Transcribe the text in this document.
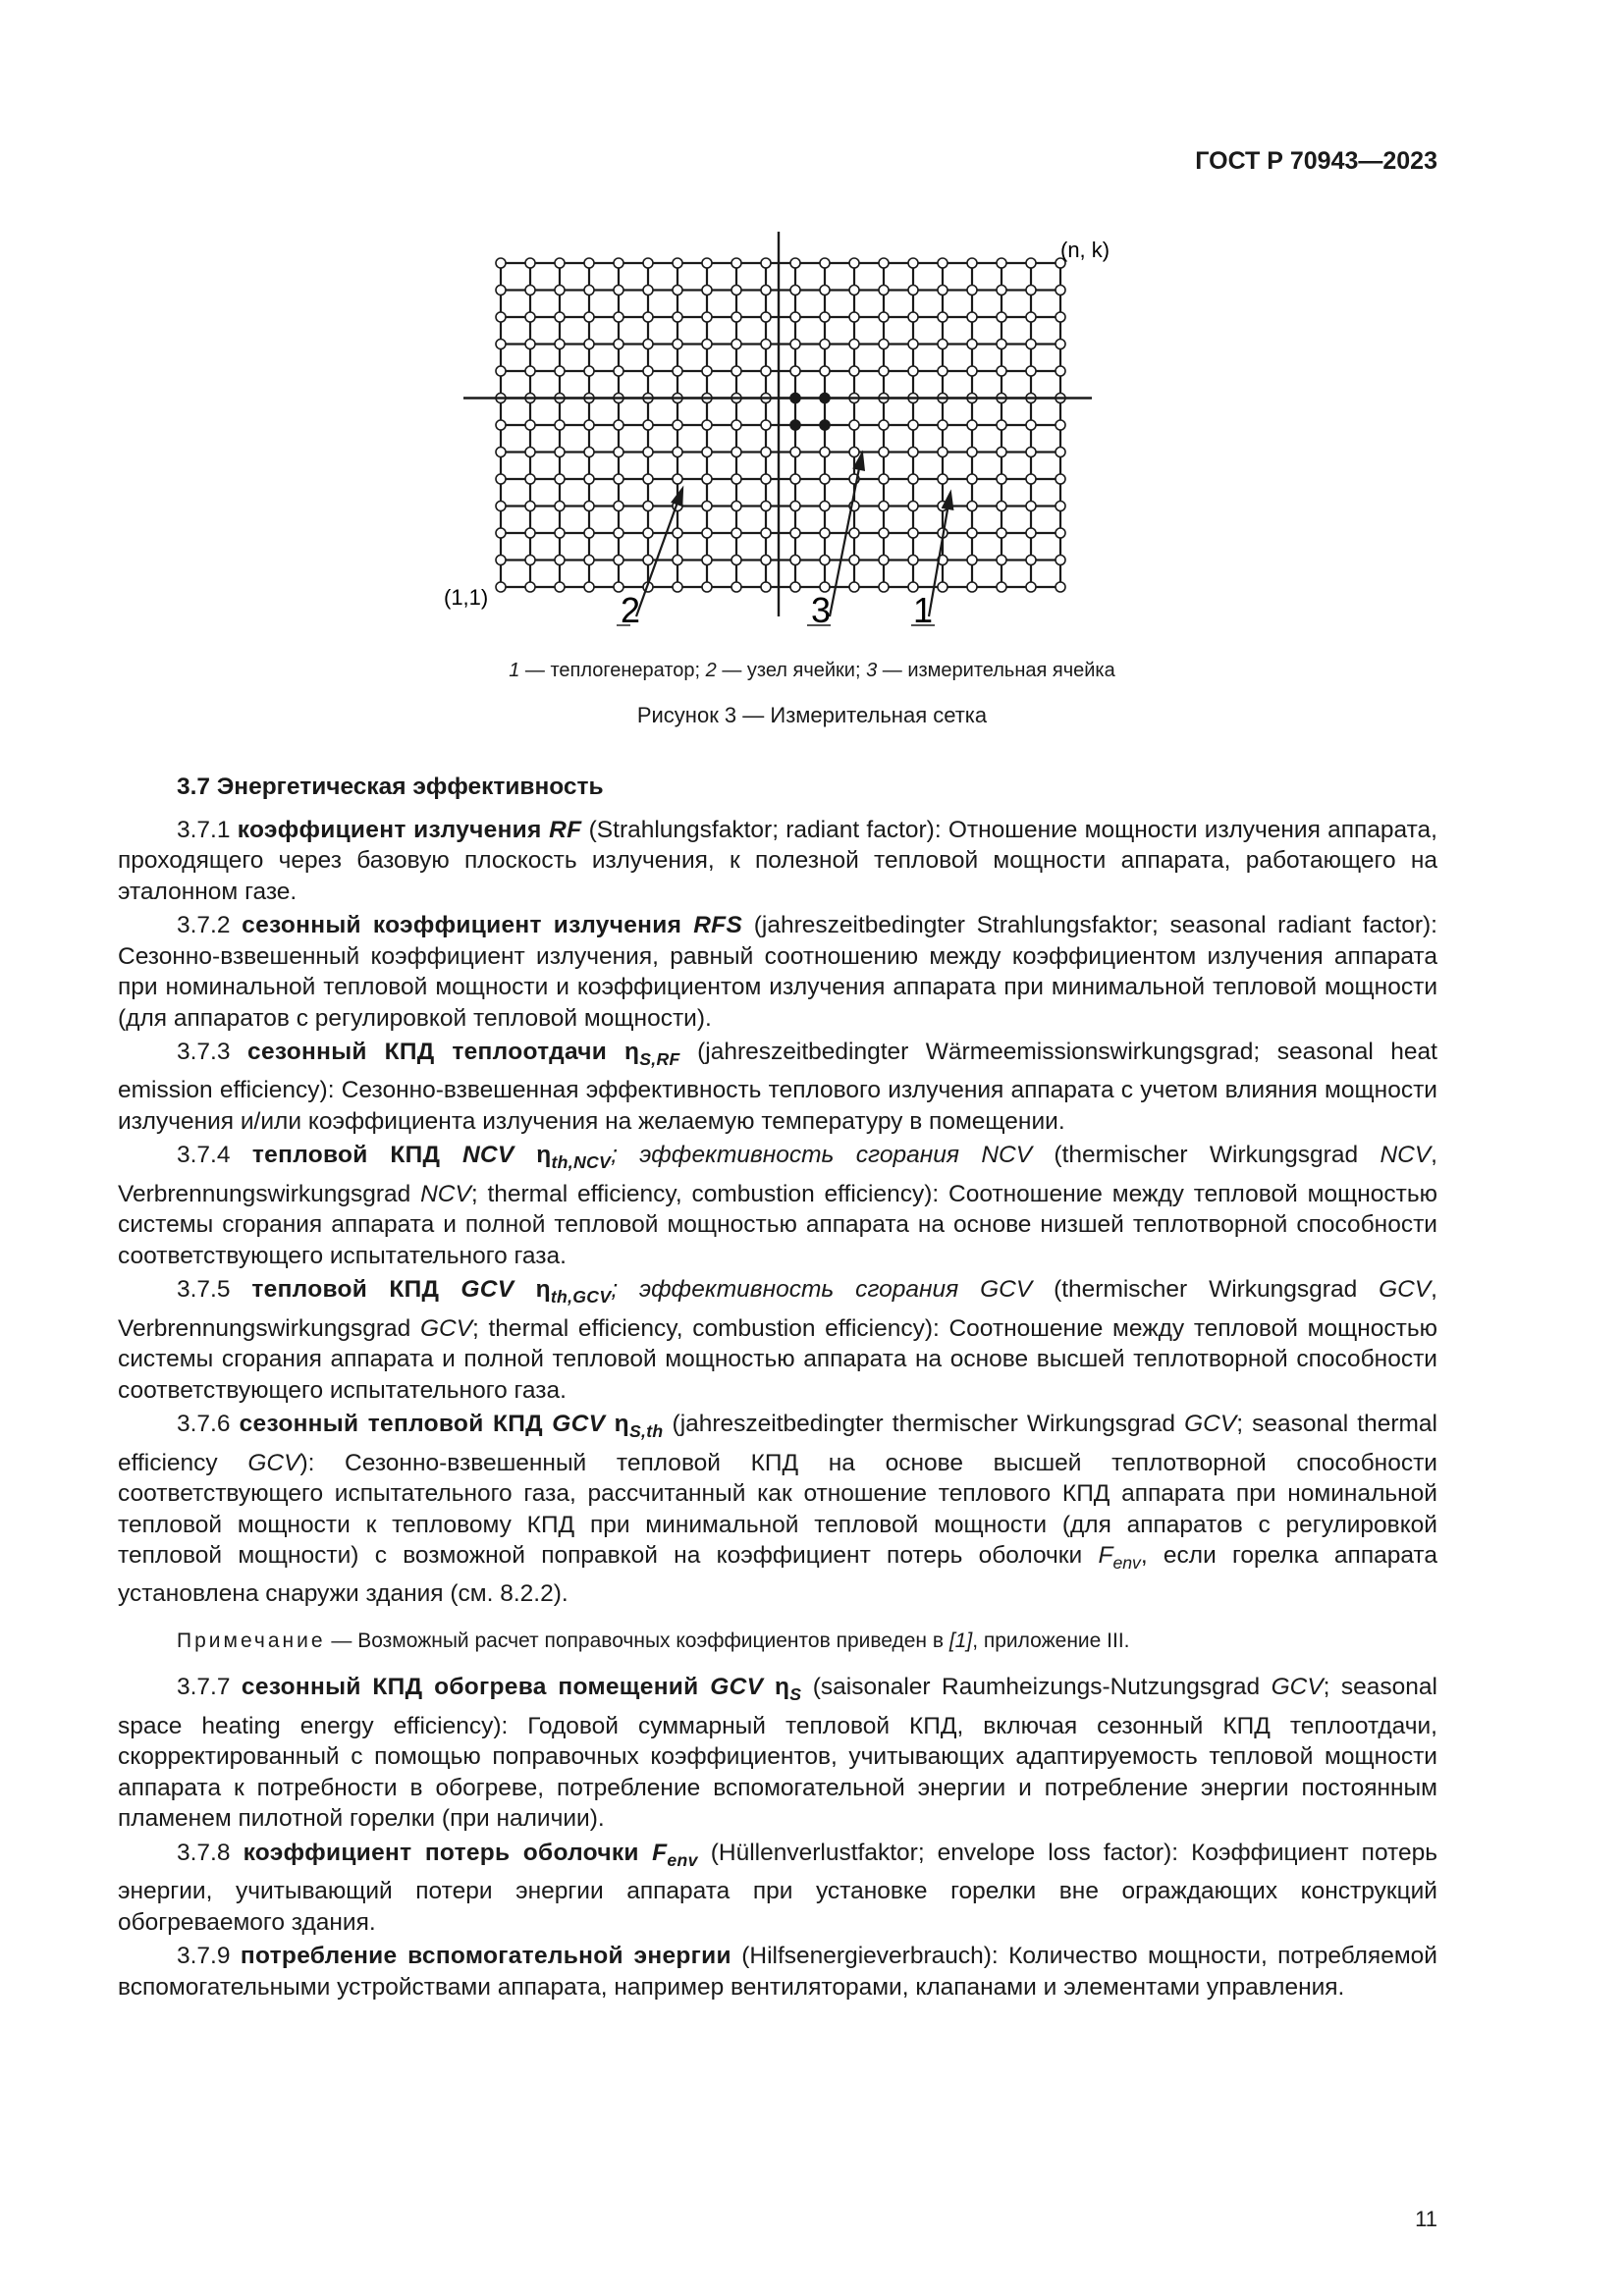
ГОСТ Р 70943—2023
(n, k)
(1,1)	2	3 1
1 — теплогенератор; 2 — узел ячейки; 3 — измерительная ячейка
Рисунок 3 — Измерительная сетка
3.7 Энергетическая эффективность

3.7.1 коэффициент излучения RF (Strahlungsfaktor; radiant factor): Отношение мощности излучения аппарата, проходящего через базовую плоскость излучения, к полезной тепловой мощности аппарата, работающего на эталонном газе.

3.7.2 сезонный коэффициент излучения RFS (jahreszeitbedingter Strahlungsfaktor; seasonal radiant factor): Сезонно-взвешенный коэффициент излучения, равный соотношению между коэффициентом излучения аппарата при номинальной тепловой мощности и коэффициентом излучения аппарата при минимальной тепловой мощности (для аппаратов с регулировкой тепловой мощности).

3.7.3 сезонный КПД теплоотдачи $\eta_{S,RF}$ (jahreszeitbedingter Wärmeemissionswirkungsgrad; seasonal heat emission efficiency): Сезонно-взвешенная эффективность теплового излучения аппарата с учетом влияния мощности излучения и/или коэффициента излучения на желаемую температуру в помещении.

3.7.4 тепловой КПД NCV $\eta_{th,NCV}$; эффективность сгорания NCV (thermischer Wirkungsgrad NCV, Verbrennungswirkungsgrad NCV; thermal efficiency, combustion efficiency): Соотношение между тепловой мощностью системы сгорания аппарата и полной тепловой мощностью аппарата на основе низшей теплотворной способности соответствующего испытательного газа.

3.7.5 тепловой КПД GCV $\eta_{th,GCV}$; эффективность сгорания GCV (thermischer Wirkungsgrad GCV, Verbrennungswirkungsgrad GCV; thermal efficiency, combustion efficiency): Соотношение между тепловой мощностью системы сгорания аппарата и полной тепловой мощностью аппарата на основе высшей теплотворной способности соответствующего испытательного газа.

3.7.6 сезонный тепловой КПД GCV $\eta_{S,th}$ (jahreszeitbedingter thermischer Wirkungsgrad GCV; seasonal thermal efficiency GCV): Сезонно-взвешенный тепловой КПД на основе высшей теплотворной способности соответствующего испытательного газа, рассчитанный как отношение теплового КПД аппарата при номинальной тепловой мощности к тепловому КПД при минимальной тепловой мощности (для аппаратов с регулировкой тепловой мощности) с возможной поправкой на коэффициент потерь оболочки $F_{env}$, если горелка аппарата установлена снаружи здания (см. 8.2.2).

Примечание — Возможный расчет поправочных коэффициентов приведен в [1], приложение III.

3.7.7 сезонный КПД обогрева помещений GCV $\eta_S$ (saisonaler Raumheizungs-Nutzungsgrad GCV; seasonal space heating energy efficiency): Годовой суммарный тепловой КПД, включая сезонный КПД теплоотдачи, скорректированный с помощью поправочных коэффициентов, учитывающих адаптируемость тепловой мощности аппарата к потребности в обогреве, потребление вспомогательной энергии и потребление энергии постоянным пламенем пилотной горелки (при наличии).

3.7.8 коэффициент потерь оболочки $F_{env}$ (Hüllenverlustfaktor; envelope loss factor): Коэффициент потерь энергии, учитывающий потери энергии аппарата при установке горелки вне ограждающих конструкций обогреваемого здания.

3.7.9 потребление вспомогательной энергии (Hilfsenergieverbrauch): Количество мощности, потребляемой вспомогательными устройствами аппарата, например вентиляторами, клапанами и элементами управления.

11
